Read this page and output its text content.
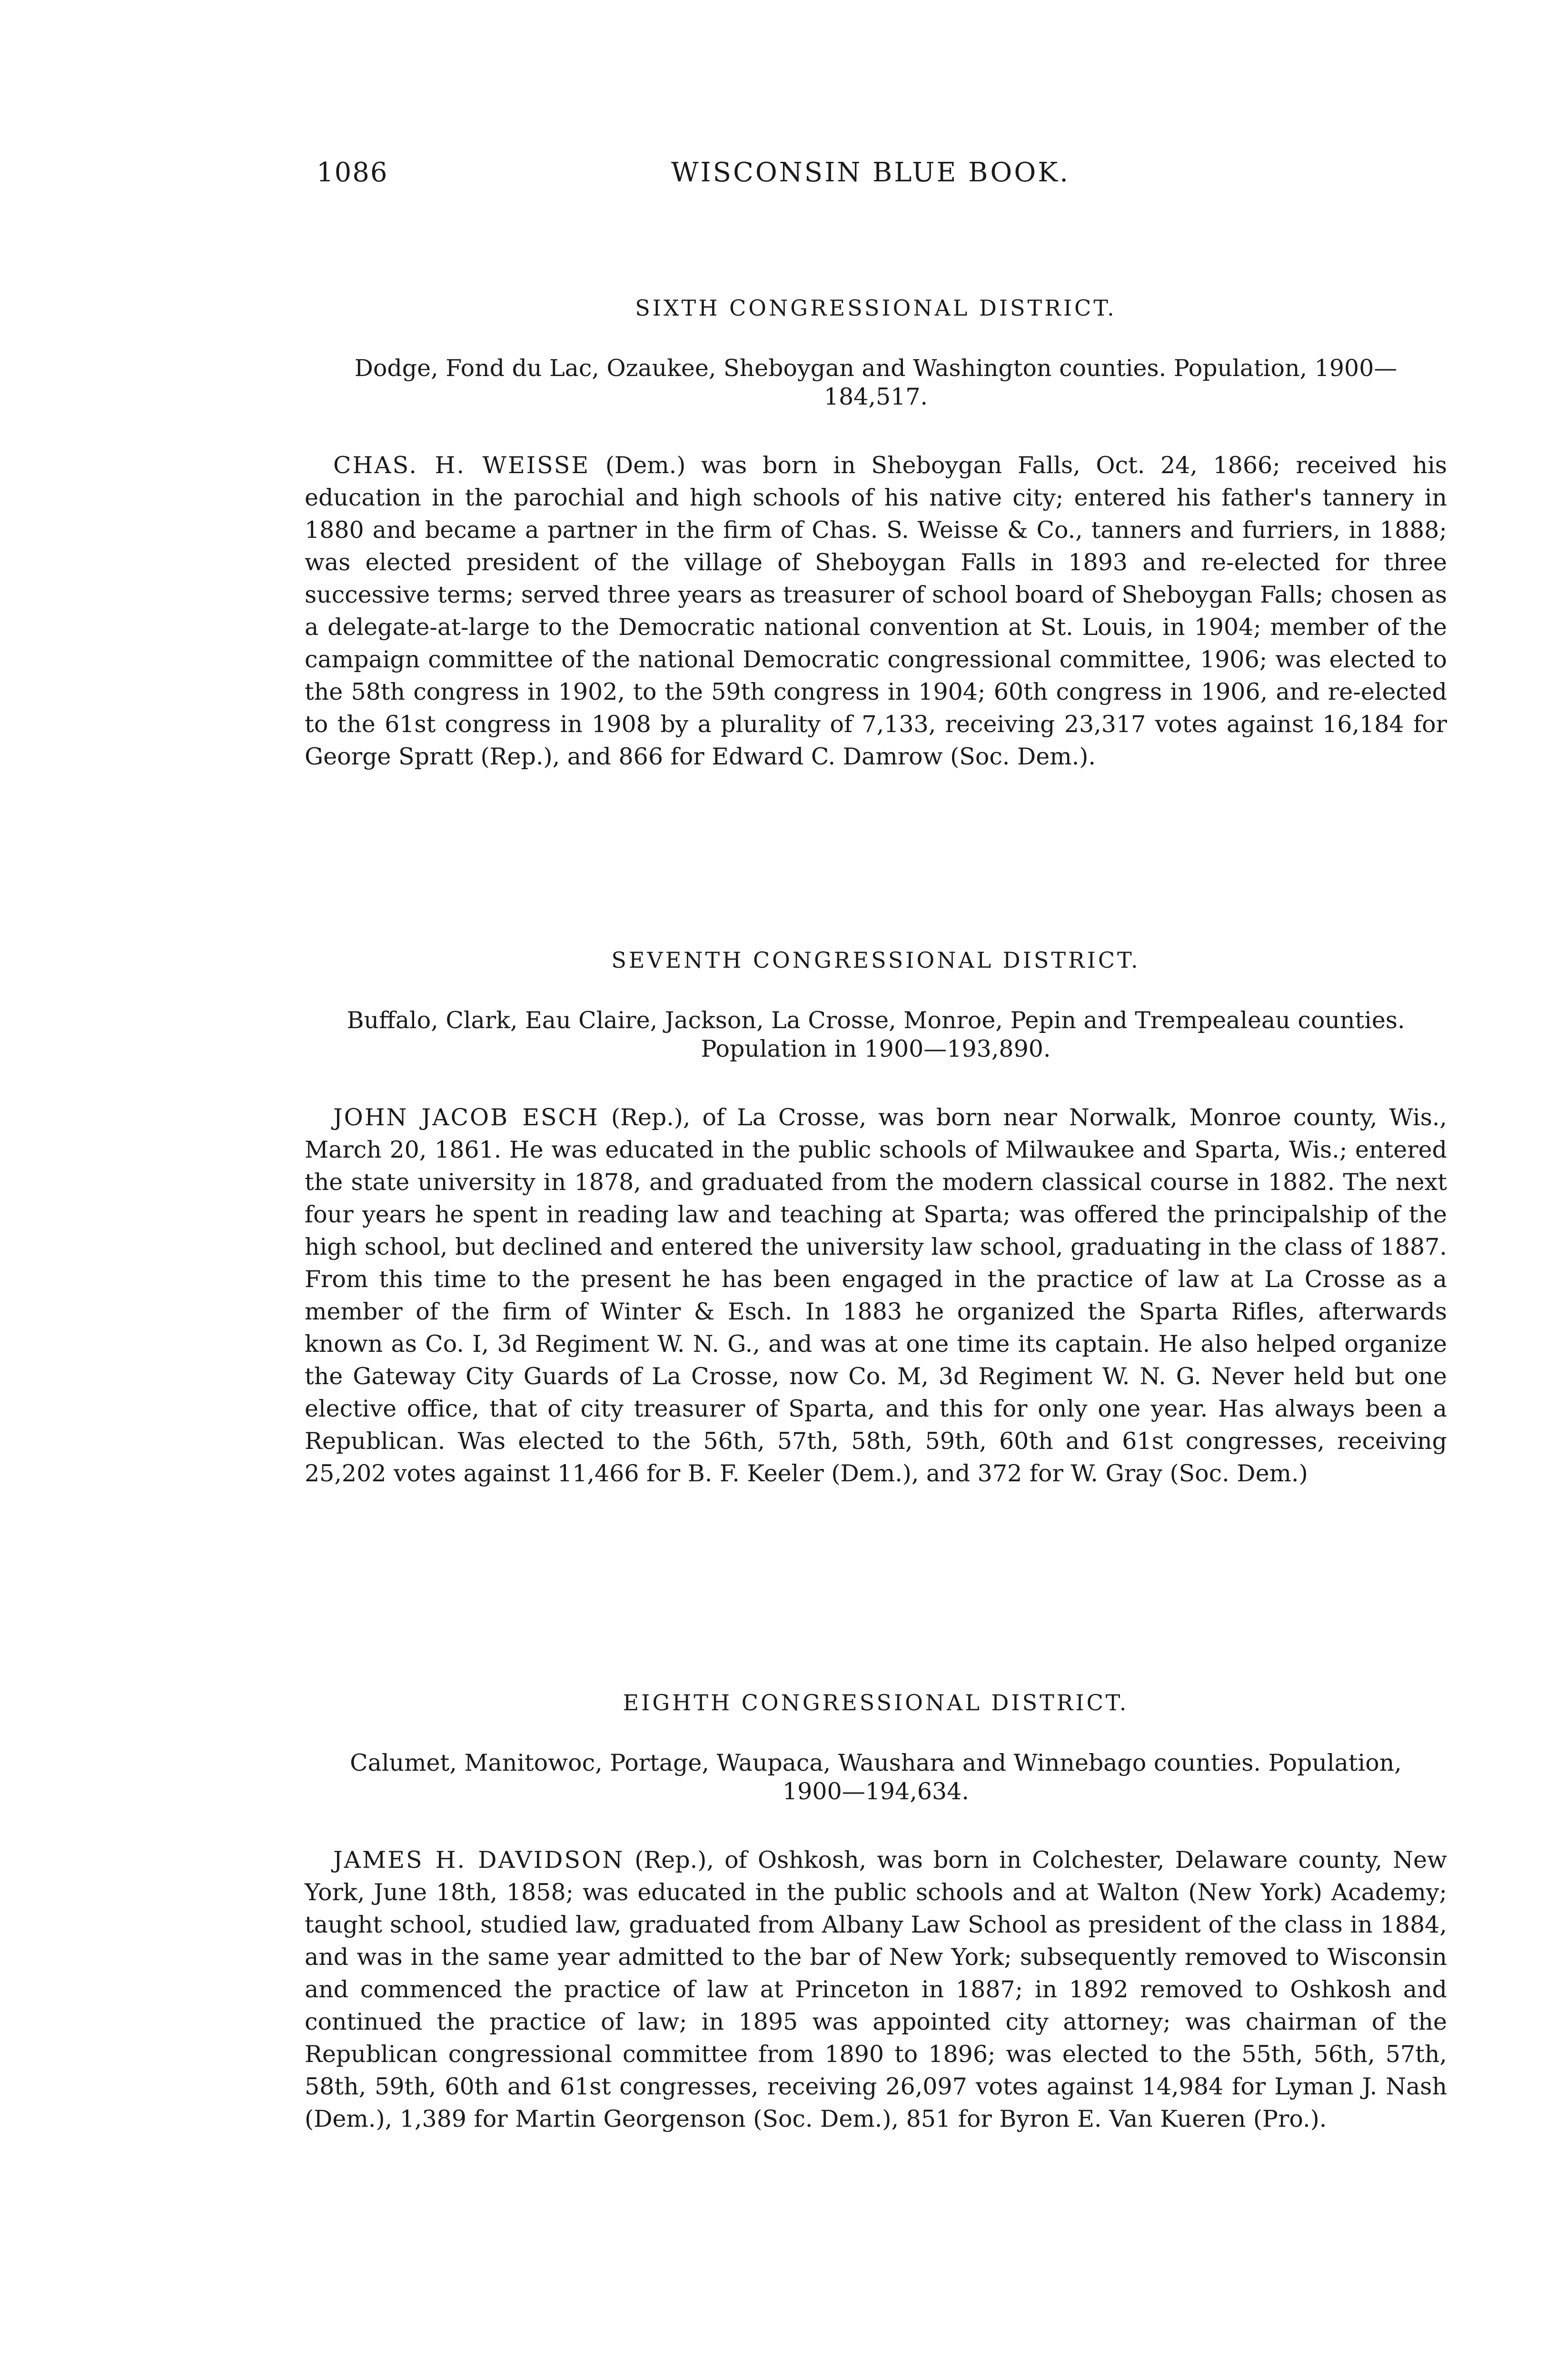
1086	WISCONSIN BLUE BOOK.

SIXTH CONGRESSIONAL DISTRICT.

Dodge, Fond du Lac, Ozaukee, Sheboygan and Washington counties. Population, 1900—184,517.

CHAS. H. WEISSE (Dem.) was born in Sheboygan Falls, Oct. 24, 1866; received his education in the parochial and high schools of his native city; entered his father's tannery in 1880 and became a partner in the firm of Chas. S. Weisse & Co., tanners and furriers, in 1888; was elected president of the village of Sheboygan Falls in 1893 and re-elected for three successive terms; served three years as treasurer of school board of Sheboygan Falls; chosen as a delegate-at-large to the Democratic national convention at St. Louis, in 1904; member of the campaign committee of the national Democratic congressional committee, 1906; was elected to the 58th congress in 1902, to the 59th congress in 1904; 60th congress in 1906, and re-elected to the 61st congress in 1908 by a plurality of 7,133, receiving 23,317 votes against 16,184 for George Spratt (Rep.), and 866 for Edward C. Damrow (Soc. Dem.).

SEVENTH CONGRESSIONAL DISTRICT.

Buffalo, Clark, Eau Claire, Jackson, La Crosse, Monroe, Pepin and Trempealeau counties. Population in 1900—193,890.

JOHN JACOB ESCH (Rep.), of La Crosse, was born near Norwalk, Monroe county, Wis., March 20, 1861. He was educated in the public schools of Milwaukee and Sparta, Wis.; entered the state university in 1878, and graduated from the modern classical course in 1882. The next four years he spent in reading law and teaching at Sparta; was offered the principalship of the high school, but declined and entered the university law school, graduating in the class of 1887. From this time to the present he has been engaged in the practice of law at La Crosse as a member of the firm of Winter & Esch. In 1883 he organized the Sparta Rifles, afterwards known as Co. I, 3d Regiment W. N. G., and was at one time its captain. He also helped organize the Gateway City Guards of La Crosse, now Co. M, 3d Regiment W. N. G. Never held but one elective office, that of city treasurer of Sparta, and this for only one year. Has always been a Republican. Was elected to the 56th, 57th, 58th, 59th, 60th and 61st congresses, receiving 25,202 votes against 11,466 for B. F. Keeler (Dem.), and 372 for W. Gray (Soc. Dem.)

EIGHTH CONGRESSIONAL DISTRICT.

Calumet, Manitowoc, Portage, Waupaca, Waushara and Winnebago counties. Population, 1900—194,634.

JAMES H. DAVIDSON (Rep.), of Oshkosh, was born in Colchester, Delaware county, New York, June 18th, 1858; was educated in the public schools and at Walton (New York) Academy; taught school, studied law, graduated from Albany Law School as president of the class in 1884, and was in the same year admitted to the bar of New York; subsequently removed to Wisconsin and commenced the practice of law at Princeton in 1887; in 1892 removed to Oshkosh and continued the practice of law; in 1895 was appointed city attorney; was chairman of the Republican congressional committee from 1890 to 1896; was elected to the 55th, 56th, 57th, 58th, 59th, 60th and 61st congresses, receiving 26,097 votes against 14,984 for Lyman J. Nash (Dem.), 1,389 for Martin Georgenson (Soc. Dem.), 851 for Byron E. Van Kueren (Pro.).
